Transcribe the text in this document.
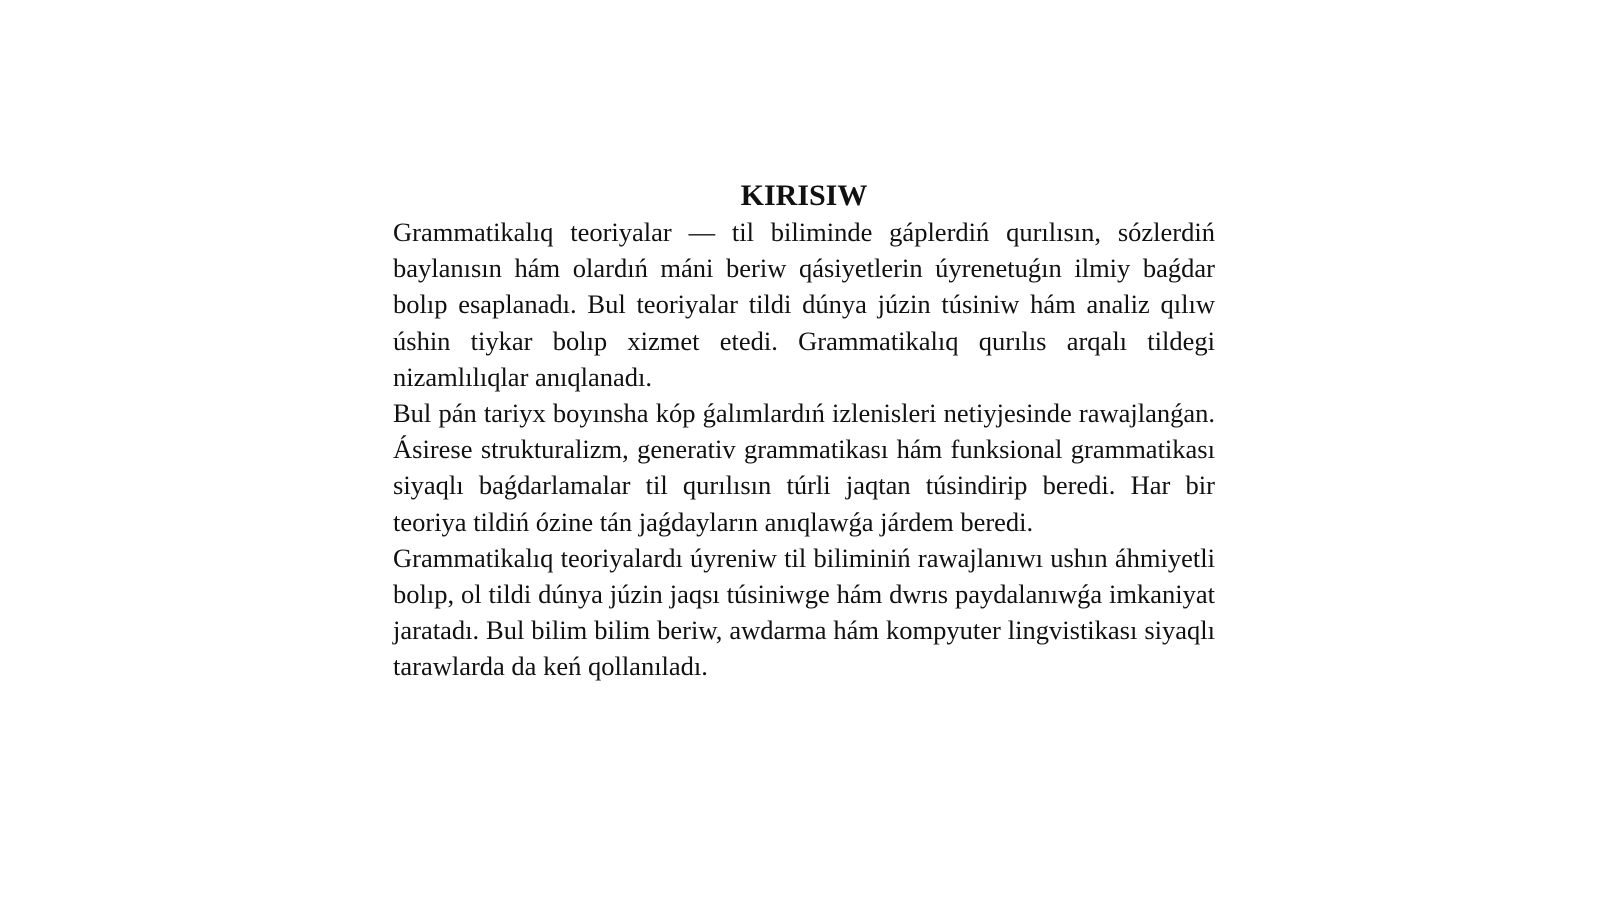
KIRISIW

Grammatikalıq teoriyalar — til biliminde gáplerdiń qurılısın, sózlerdiń baylanısın hám olardıń máni beriw qásiyetlerin úyrenetuǵın ilmiy baǵdar bolıp esaplanadı. Bul teoriyalar tildi dúnya júzin túsiniw hám analiz qılıw úshin tiykar bolıp xizmet etedi. Grammatikalıq qurılıs arqalı tildegi nizamlılıqlar anıqlanadı.

Bul pán tariyx boyınsha kóp ǵalımlardıń izlenisleri netiyjesinde rawajlanǵan. Ásirese strukturalizm, generativ grammatikası hám funksional grammatikası siyaqlı baǵdarlamalar til qurılısın túrli jaqtan túsindirip beredi. Har bir teoriya tildiń ózine tán jaǵdayların anıqlawǵa járdem beredi.

Grammatikalıq teoriyalardı úyreniw til biliminiń rawajlanıwı ushın áhmiyetli bolıp, ol tildi dúnya júzin jaqsı túsiniwge hám dwrıs paydalanıwǵa imkaniyat jaratadı. Bul bilim bilim beriw, awdarma hám kompyuter lingvistikası siyaqlı tarawlarda da keń qollanıladı.
